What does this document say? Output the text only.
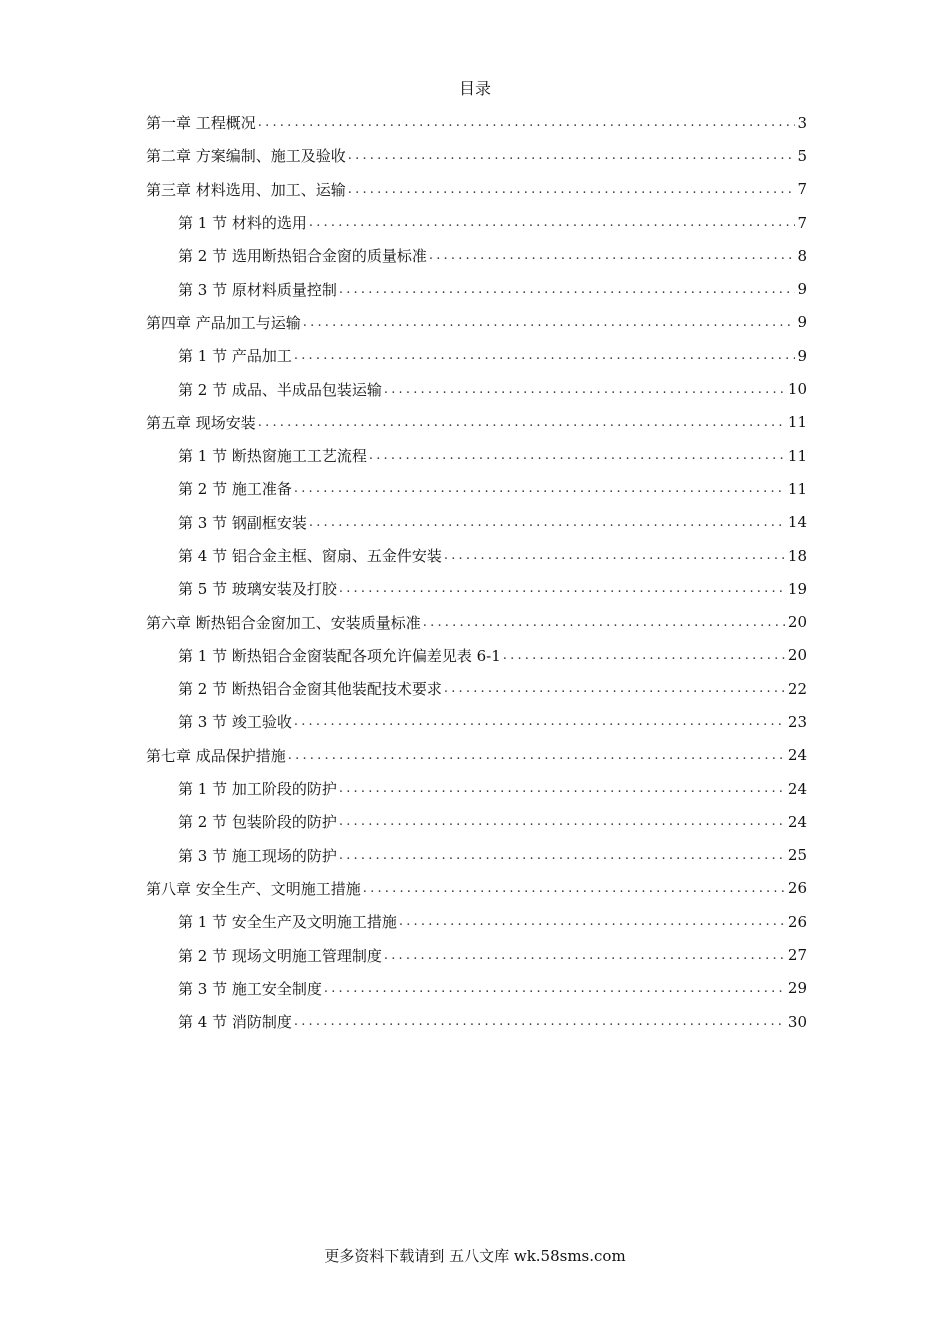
目录
第一章 工程概况 .....	3
第二章 方案编制、施工及验收 .....	5
第三章 材料选用、加工、运输 .....	7
第 1 节 材料的选用 .....	7
第 2 节 选用断热铝合金窗的质量标准 .....	8
第 3 节 原材料质量控制 .....	9
第四章 产品加工与运输 .....	9
第 1 节 产品加工 .....	9
第 2 节 成品、半成品包装运输 .....	10
第五章 现场安装 .....	11
第 1 节 断热窗施工工艺流程 .....	11
第 2 节 施工准备 .....	11
第 3 节 钢副框安装 .....	14
第 4 节 铝合金主框、窗扇、五金件安装 .....	18
第 5 节 玻璃安装及打胶 .....	19
第六章 断热铝合金窗加工、安装质量标准 .....	20
第 1 节 断热铝合金窗装配各项允许偏差见表 6-1 .....	20
第 2 节 断热铝合金窗其他装配技术要求 .....	22
第 3 节 竣工验收 .....	23
第七章 成品保护措施 .....	24
第 1 节 加工阶段的防护 .....	24
第 2 节 包装阶段的防护 .....	24
第 3 节 施工现场的防护 .....	25
第八章 安全生产、文明施工措施 .....	26
第 1 节 安全生产及文明施工措施 .....	26
第 2 节 现场文明施工管理制度 .....	27
第 3 节 施工安全制度 .....	29
第 4 节 消防制度 .....	30
更多资料下载请到 五八文库 wk.58sms.com
